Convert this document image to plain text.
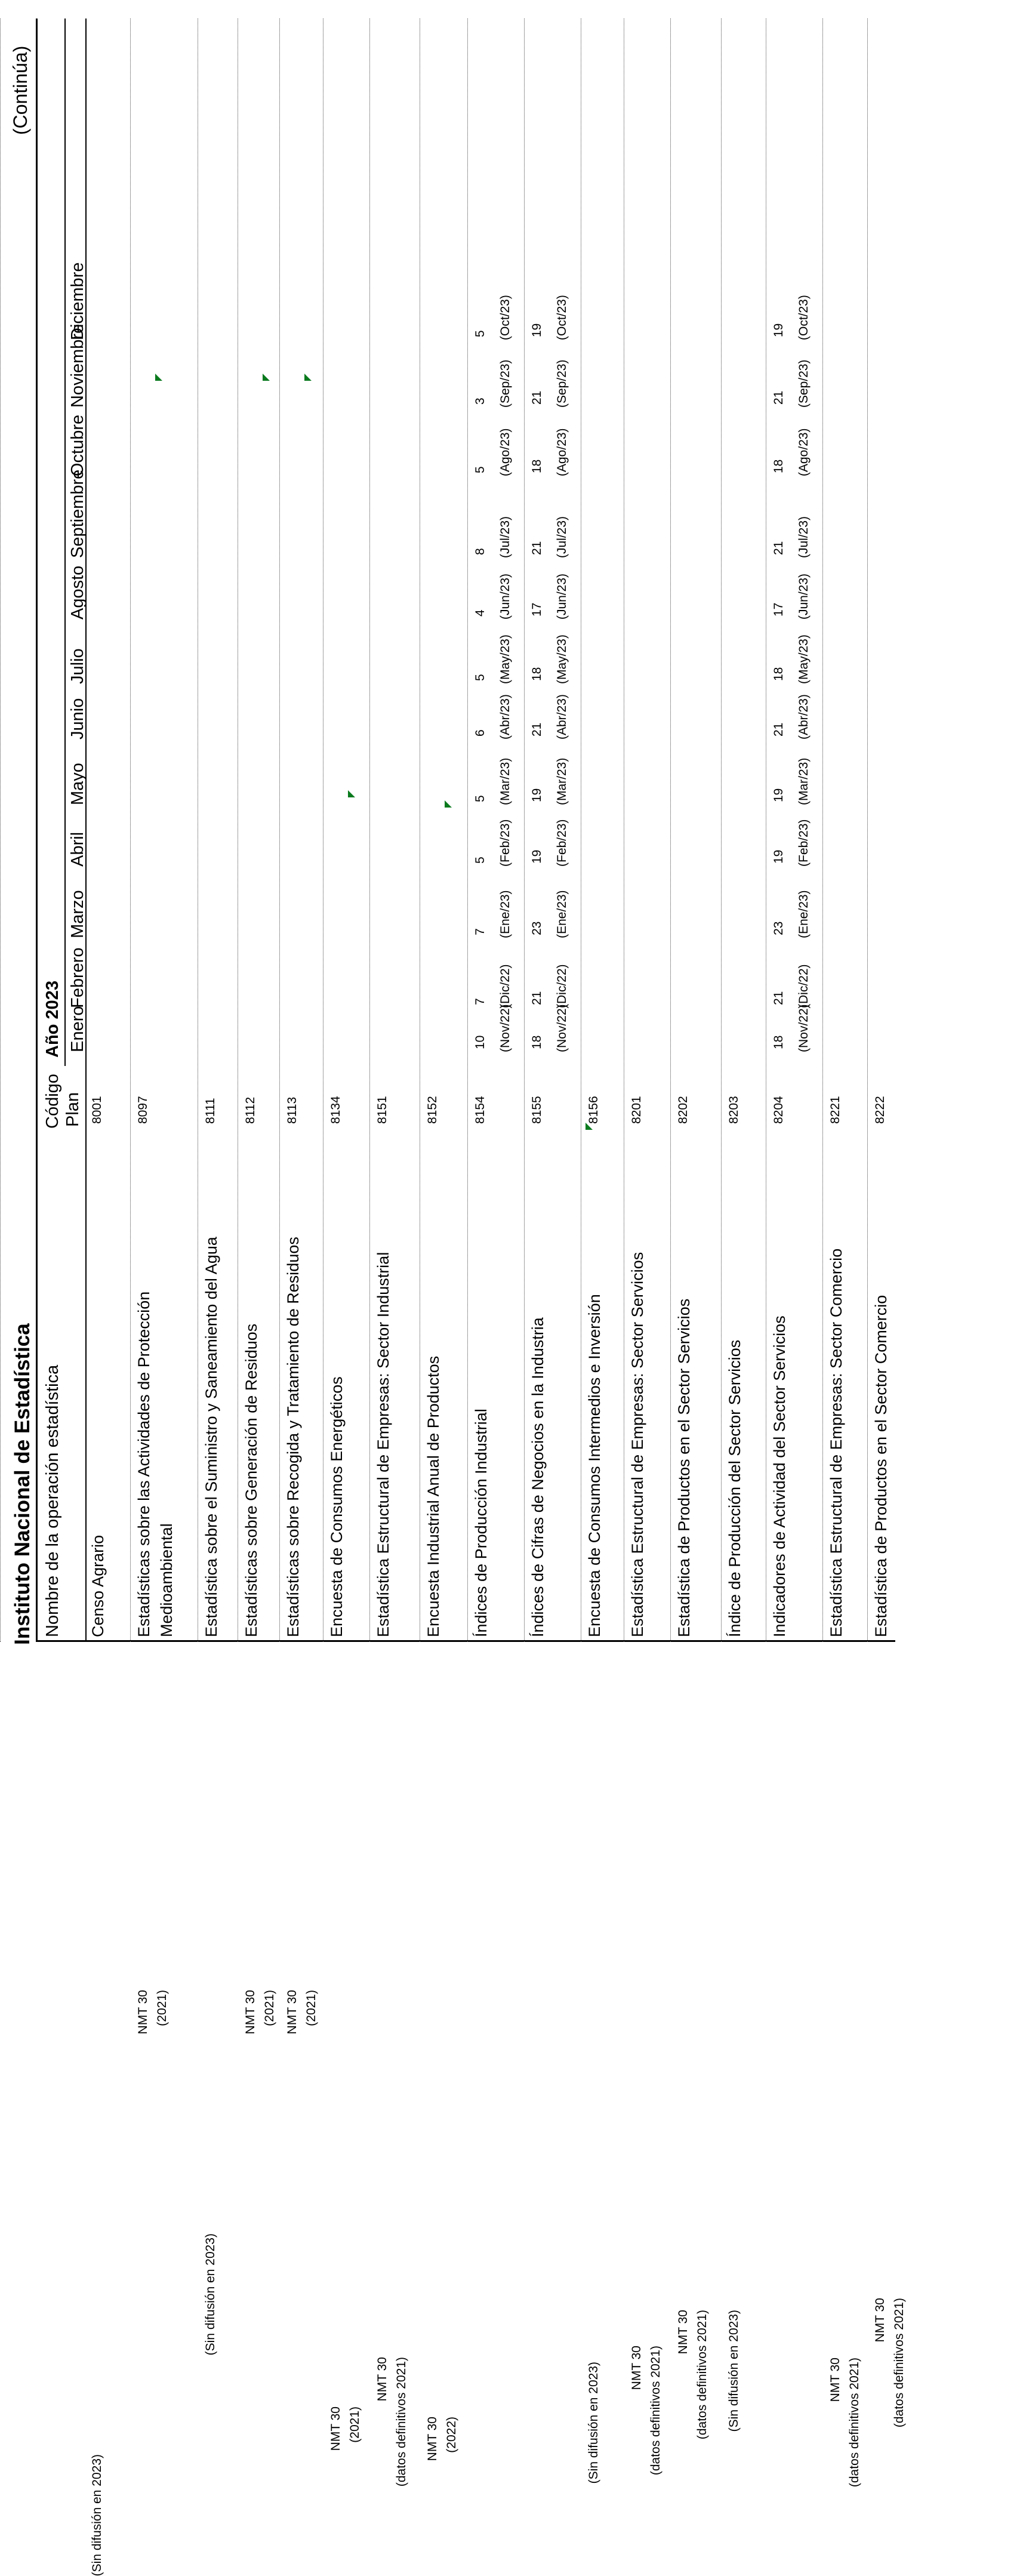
Instituto Nacional de Estadística
(Continúa)
Nombre de la operación estadística
Código Plan
Año 2023 Enero
Febrero
Marzo
Abril
Mayo
Junio
Julio
Agosto
Septiembre
Octubre
Noviembre
Diciembre
Censo Agrario
8001
(Sin difusión en 2023)
Estadísticas sobre las Actividades de Protección Medioambiental
8097
NMT 30 (2021)
Estadística sobre el Suministro y Saneamiento del Agua
8111
(Sin difusión en 2023)
Estadísticas sobre Generación de Residuos
8112
NMT 30 (2021)
Estadísticas sobre Recogida y Tratamiento de Residuos
8113
NMT 30 (2021)
Encuesta de Consumos Energéticos
8134
NMT 30 (2021)
Estadística Estructural de Empresas: Sector Industrial
8151
NMT 30 (datos definitivos 2021)
Encuesta Industrial Anual de Productos
8152
NMT 30 (2022)
Índices de Producción Industrial
8154
10 (Nov/22)
7 (Dic/22)
7 (Ene/23)
5 (Feb/23)
5 (Mar/23)
6 (Abr/23)
5 (May/23)
4 (Jun/23)
8 (Jul/23)
5 (Ago/23)
3 (Sep/23)
5 (Oct/23)
Índices de Cifras de Negocios en la Industria
8155
18 (Nov/22)
21 (Dic/22)
23 (Ene/23)
19 (Feb/23)
19 (Mar/23)
21 (Abr/23)
18 (May/23)
17 (Jun/23)
21 (Jul/23)
18 (Ago/23)
21 (Sep/23)
19 (Oct/23)
Encuesta de Consumos Intermedios e Inversión
8156
(Sin difusión en 2023)
Estadística Estructural de Empresas: Sector Servicios
8201
NMT 30 (datos definitivos 2021)
Estadística de Productos en el Sector Servicios
8202
NMT 30 (datos definitivos 2021)
Índice de Producción del Sector Servicios
8203
(Sin difusión en 2023)
Indicadores de Actividad del Sector Servicios
8204
18 (Nov/22)
21 (Dic/22)
23 (Ene/23)
19 (Feb/23)
19 (Mar/23)
21 (Abr/23)
18 (May/23)
17 (Jun/23)
21 (Jul/23)
18 (Ago/23)
21 (Sep/23)
19 (Oct/23)
Estadística Estructural de Empresas: Sector Comercio
8221
NMT 30 (datos definitivos 2021)
Estadística de Productos en el Sector Comercio
8222
NMT 30 (datos definitivos 2021)
